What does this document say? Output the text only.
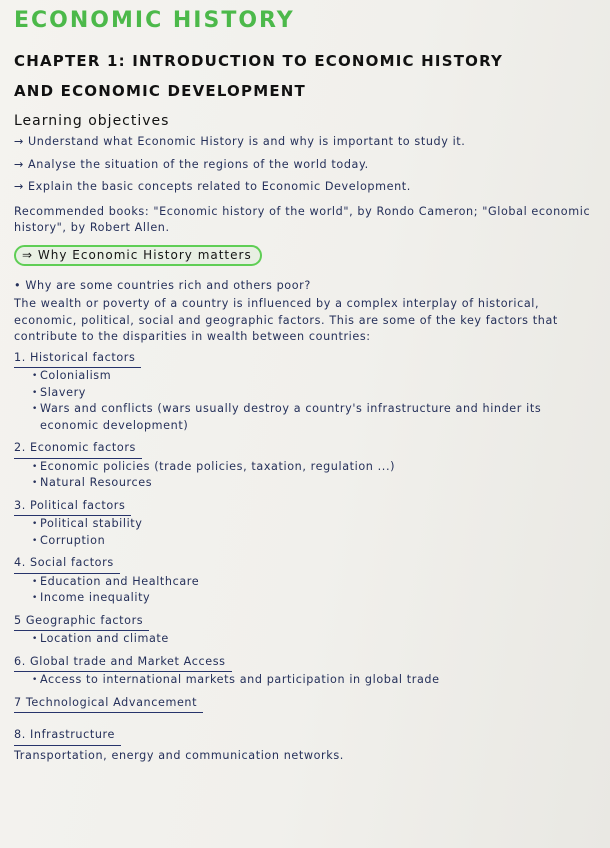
ECONOMIC HISTORY
CHAPTER 1: INTRODUCTION TO ECONOMIC HISTORY
AND ECONOMIC DEVELOPMENT
Learning objectives
→ Understand what Economic History is and why is important to study it.
→ Analyse the situation of the regions of the world today.
→ Explain the basic concepts related to Economic Development.

Recommended books: "Economic history of the world", by Rondo Cameron; "Global economic history", by Robert Allen.

⇒ Why Economic History matters

• Why are some countries rich and others poor?

The wealth or poverty of a country is influenced by a complex interplay of historical, economic, political, social and geographic factors. This are some of the key factors that contribute to the disparities in wealth between countries:

1. Historical factors
• Colonialism
• Slavery
• Wars and conflicts (wars usually destroy a country's infrastructure and hinder its economic development)
2. Economic factors
• Economic policies (trade policies, taxation, regulation ...)
• Natural Resources
3. Political factors
• Political stability
• Corruption
4. Social factors
• Education and Healthcare
• Income inequality
5 Geographic factors
• Location and climate
6. Global trade and Market Access
• Access to international markets and participation in global trade
7 Technological Advancement
8. Infrastructure

Transportation, energy and communication networks.
